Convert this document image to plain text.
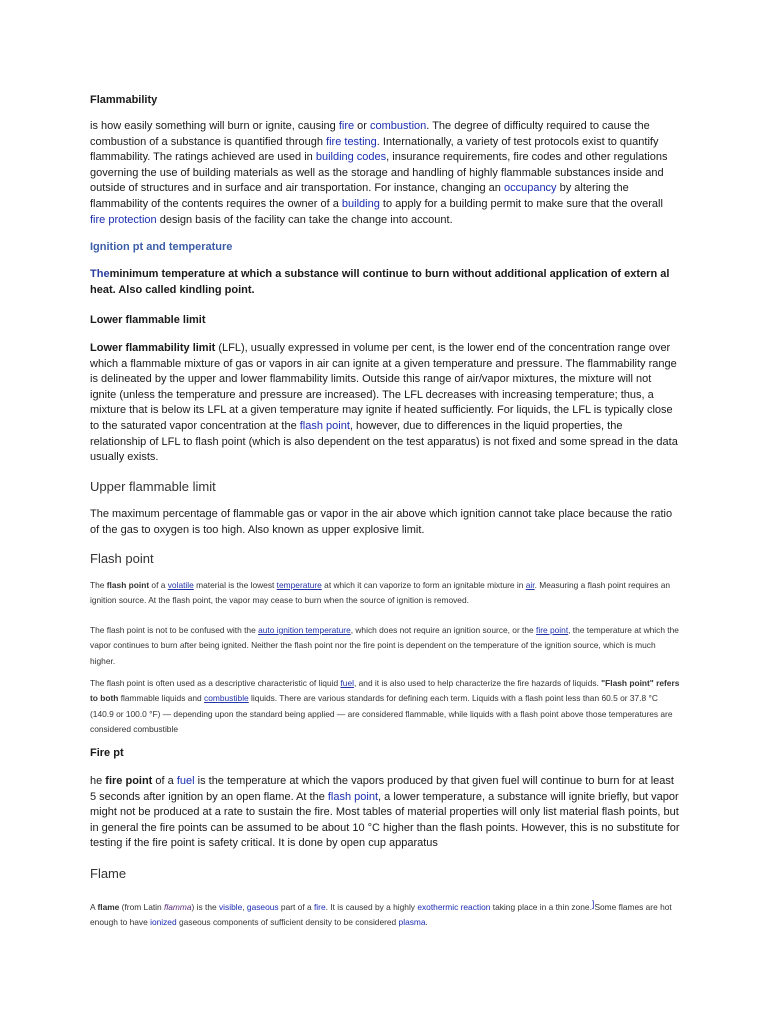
Flammability

is how easily something will burn or ignite, causing fire or combustion. The degree of difficulty required to cause the combustion of a substance is quantified through fire testing. Internationally, a variety of test protocols exist to quantify flammability. The ratings achieved are used in building codes, insurance requirements, fire codes and other regulations governing the use of building materials as well as the storage and handling of highly flammable substances inside and outside of structures and in surface and air transportation. For instance, changing an occupancy by altering the flammability of the contents requires the owner of a building to apply for a building permit to make sure that the overall fire protection design basis of the facility can take the change into account.

Ignition pt and temperature

Theminimum temperature at which a substance will continue to burn without additional application of extern al heat. Also called kindling point.

Lower flammable limit

Lower flammability limit (LFL), usually expressed in volume per cent, is the lower end of the concentration range over which a flammable mixture of gas or vapors in air can ignite at a given temperature and pressure. The flammability range is delineated by the upper and lower flammability limits. Outside this range of air/vapor mixtures, the mixture will not ignite (unless the temperature and pressure are increased). The LFL decreases with increasing temperature; thus, a mixture that is below its LFL at a given temperature may ignite if heated sufficiently. For liquids, the LFL is typically close to the saturated vapor concentration at the flash point, however, due to differences in the liquid properties, the relationship of LFL to flash point (which is also dependent on the test apparatus) is not fixed and some spread in the data usually exists.

Upper flammable limit

The maximum percentage of flammable gas or vapor in the air above which ignition cannot take place because the ratio of the gas to oxygen is too high. Also known as upper explosive limit.

Flash point

The flash point of a volatile material is the lowest temperature at which it can vaporize to form an ignitable mixture in air. Measuring a flash point requires an ignition source. At the flash point, the vapor may cease to burn when the source of ignition is removed.

The flash point is not to be confused with the auto ignition temperature, which does not require an ignition source, or the fire point, the temperature at which the vapor continues to burn after being ignited. Neither the flash point nor the fire point is dependent on the temperature of the ignition source, which is much higher.

The flash point is often used as a descriptive characteristic of liquid fuel, and it is also used to help characterize the fire hazards of liquids. "Flash point" refers to both flammable liquids and combustible liquids. There are various standards for defining each term. Liquids with a flash point less than 60.5 or 37.8 °C (140.9 or 100.0 °F) — depending upon the standard being applied — are considered flammable, while liquids with a flash point above those temperatures are considered combustible

Fire pt

he fire point of a fuel is the temperature at which the vapors produced by that given fuel will continue to burn for at least 5 seconds after ignition by an open flame. At the flash point, a lower temperature, a substance will ignite briefly, but vapor might not be produced at a rate to sustain the fire. Most tables of material properties will only list material flash points, but in general the fire points can be assumed to be about 10 °C higher than the flash points. However, this is no substitute for testing if the fire point is safety critical. It is done by open cup apparatus

Flame

A flame (from Latin flamma) is the visible, gaseous part of a fire. It is caused by a highly exothermic reaction taking place in a thin zone.]Some flames are hot enough to have ionized gaseous components of sufficient density to be considered plasma.
